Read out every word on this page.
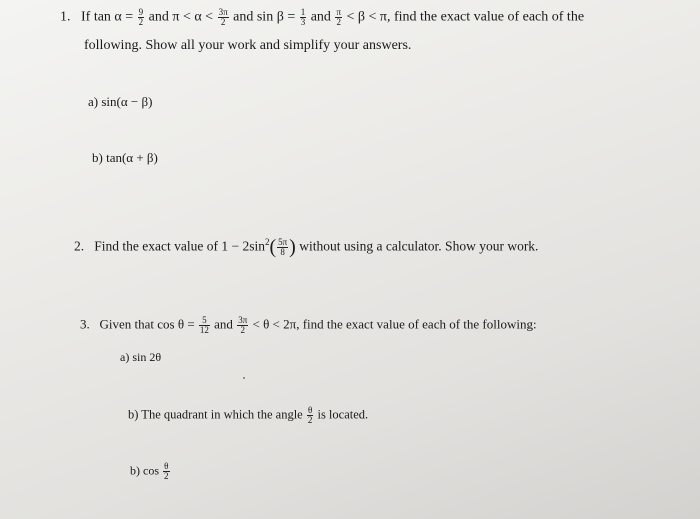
1. If $\tan \alpha = \frac{9}{2}$ and $\pi < \alpha < \frac{3\pi}{2}$ and $\sin \beta = \frac{1}{3}$ and $\frac{\pi}{2} < \beta < \pi$, find the exact value of each of the
following. Show all your work and simplify your answers.
a) sin(α − β)
b) tan(α + β)
2. Find the exact value of $1 - 2\sin^2( \frac{5\pi}{8}$ ) without using a calculator. Show your work.
3. Given that $\cos \theta = \frac{5}{12}$ and $\frac{3\pi}{2} < \theta < 2\pi$, find the exact value of each of the following:
a) sin 2θ
b) The quadrant in which the angle $\frac{\theta}{2}$ is located.
b) $\cos \frac{\theta}{2}$
